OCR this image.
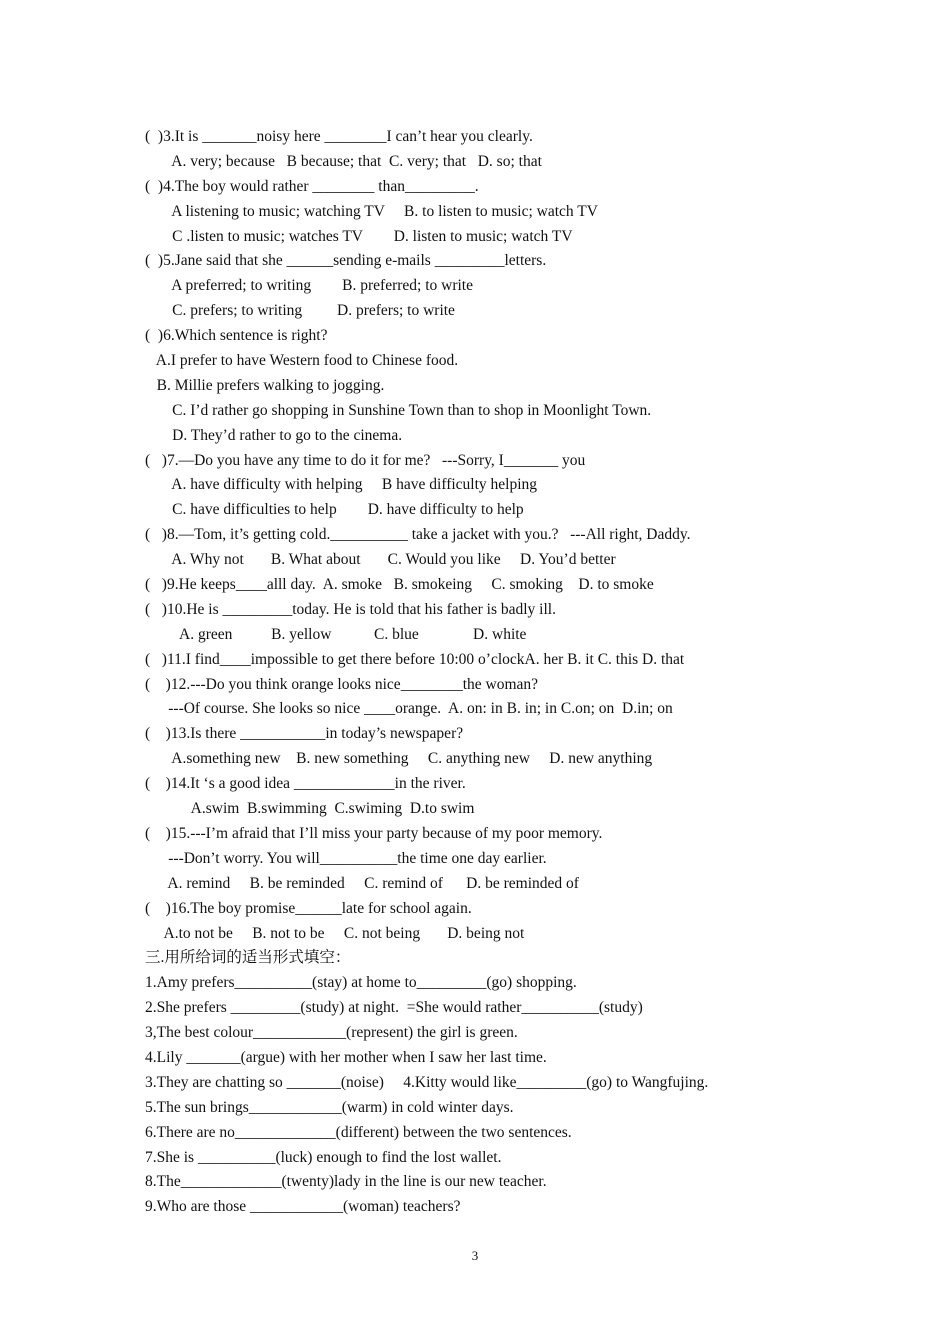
(  )3.It is _______noisy here ________I can’t hear you clearly.
A. very; because   B because; that  C. very; that   D. so; that
(  )4.The boy would rather ________ than_________.
A listening to music; watching TV     B. to listen to music; watch TV
C .listen to music; watches TV        D. listen to music; watch TV
(  )5.Jane said that she ______sending e-mails _________letters.
A preferred; to writing        B. preferred; to write
C. prefers; to writing         D. prefers; to write
(  )6.Which sentence is right?
A.I prefer to have Western food to Chinese food.
B. Millie prefers walking to jogging.
C. I’d rather go shopping in Sunshine Town than to shop in Moonlight Town.
D. They’d rather to go to the cinema.
(   )7.—Do you have any time to do it for me?   ---Sorry, I_______ you
A. have difficulty with helping     B have difficulty helping
C. have difficulties to help        D. have difficulty to help
(   )8.—Tom, it’s getting cold.__________ take a jacket with you.?   ---All right, Daddy.
A. Why not       B. What about       C. Would you like     D. You’d better
(   )9.He keeps____alll day.  A. smoke   B. smokeing     C. smoking    D. to smoke
(   )10.He is _________today. He is told that his father is badly ill.
A. green          B. yellow           C. blue              D. white
(   )11.I find____impossible to get there before 10:00 o’clockA. her B. it C. this D. that
(    )12.---Do you think orange looks nice________the woman?
---Of course. She looks so nice ____orange.  A. on: in B. in; in C.on; on  D.in; on
(    )13.Is there ___________in today’s newspaper?
A.something new    B. new something     C. anything new     D. new anything
(    )14.It ‘s a good idea _____________in the river.
A.swim  B.swimming  C.swiming  D.to swim
(    )15.---I’m afraid that I’ll miss your party because of my poor memory.
---Don’t worry. You will__________the time one day earlier.
A. remind     B. be reminded     C. remind of      D. be reminded of
(    )16.The boy promise______late for school again.
A.to not be     B. not to be     C. not being       D. being not
三.用所给词的适当形式填空：
1.Amy prefers__________(stay) at home to_________(go) shopping.
2.She prefers _________(study) at night.  =She would rather__________(study)
3,The best colour____________(represent) the girl is green.
4.Lily _______(argue) with her mother when I saw her last time.
3.They are chatting so _______(noise)     4.Kitty would like_________(go) to Wangfujing.
5.The sun brings____________(warm) in cold winter days.
6.There are no_____________(different) between the two sentences.
7.She is __________(luck) enough to find the lost wallet.
8.The_____________(twenty)lady in the line is our new teacher.
9.Who are those ____________(woman) teachers?
3
